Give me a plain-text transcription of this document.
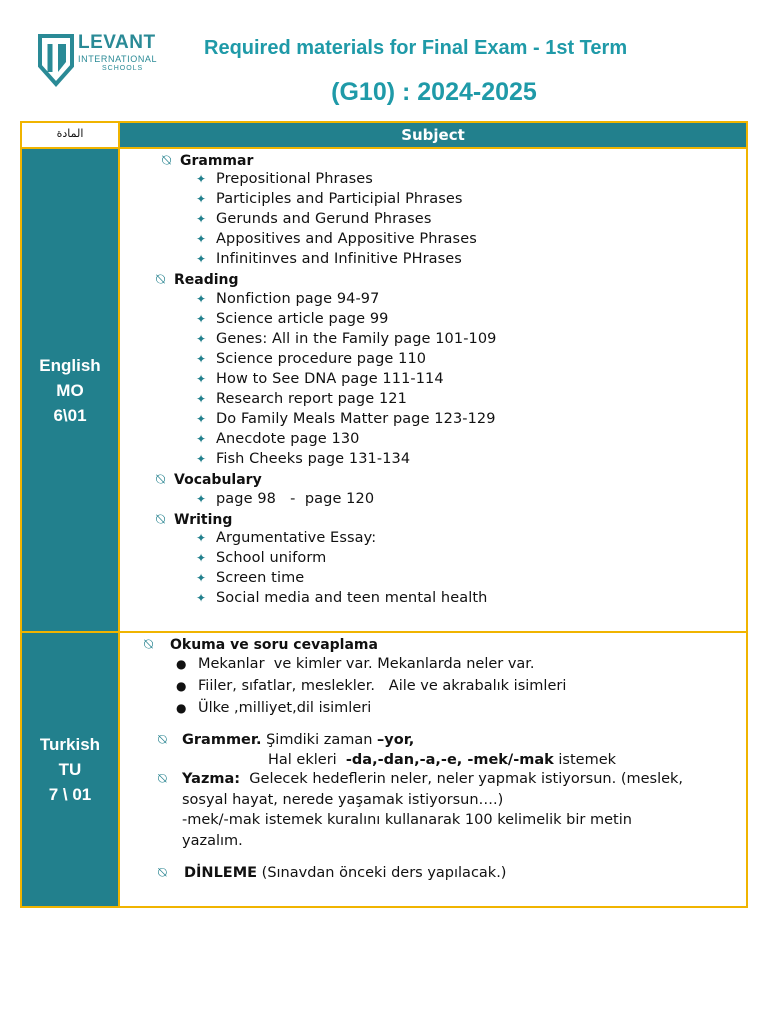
LEVANT
INTERNATIONAL
SCHOOLS
Required materials for Final Exam - 1st Term
(G10) : 2024-2025
المادة	Subject
English
MO
6\01
⍉ Grammar
✦ Prepositional Phrases
✦ Participles and Participial Phrases
✦ Gerunds and Gerund Phrases
✦ Appositives and Appositive Phrases
✦ Infinitinves and Infinitive PHrases
⍉ Reading
✦ Nonfiction page 94-97
✦ Science article page 99
✦ Genes: All in the Family page 101-109
✦ Science procedure page 110
✦ How to See DNA page 111-114
✦ Research report page 121
✦ Do Family Meals Matter page 123-129
✦ Anecdote page 130
✦ Fish Cheeks page 131-134
⍉ Vocabulary
✦ page 98   -  page 120
⍉ Writing
✦ Argumentative Essay:
✦ School uniform
✦ Screen time
✦ Social media and teen mental health
Turkish
TU
7 \ 01
⍉ Okuma ve soru cevaplama
● Mekanlar  ve kimler var. Mekanlarda neler var.
● Fiiler, sıfatlar, meslekler.   Aile ve akrabalık isimleri
● Ülke ,milliyet,dil isimleri
⍉ Grammer. Şimdiki zaman –yor,
Hal ekleri  -da,-dan,-a,-e, -mek/-mak istemek
⍉ Yazma:  Gelecek hedeflerin neler, neler yapmak istiyorsun. (meslek,
sosyal hayat, nerede yaşamak istiyorsun….)
-mek/-mak istemek kuralını kullanarak 100 kelimelik bir metin
yazalım.
⍉ DİNLEME (Sınavdan önceki ders yapılacak.)
